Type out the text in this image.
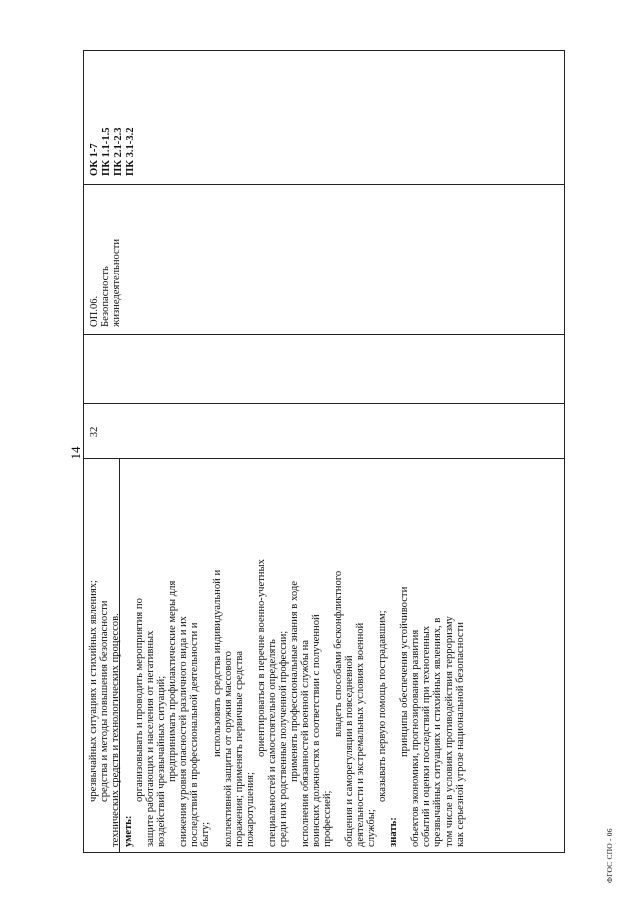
14

чрезвычайных ситуациях и стихийных явлениях; средства и методы повышения безопасности технических средств и технологических процессов. уметь:

организовывать и проводить мероприятия по защите работающих и населения от негативных воздействий чрезвычайных ситуаций; предпринимать профилактические меры для снижения уровня опасностей различного вида и их последствий в профессиональной деятельности и быту;

использовать средства индивидуальной и коллективной защиты от оружия массового поражения; применять первичные средства пожаротушения;

ориентироваться в перечне военно-учетных специальностей и самостоятельно определять среди них родственные полученной профессии; применять профессиональные знания в ходе исполнения обязанностей военной службы на воинских должностях в соответствии с полученной профессией;

владеть способами бесконфликтного

общения и саморегуляции в повседневной деятельности и экстремальных условиях военной службы;

оказывать первую помощь пострадавшим;

знать:

принципы обеспечения устойчивости объектов экономики, прогнозирования развития событий и оценки последствий при техногенных чрезвычайных ситуациях и стихийных явлениях, в том числе в условиях противодействия терроризму как серьезной угрозе национальной безопасности

32
ОП.06. Безопасность жизнедеятельности
ОК 1-7 ПК 1.1-1.5 ПК 2.1-2.3 ПК 3.1-3.2
ФГОС СПО - 06
